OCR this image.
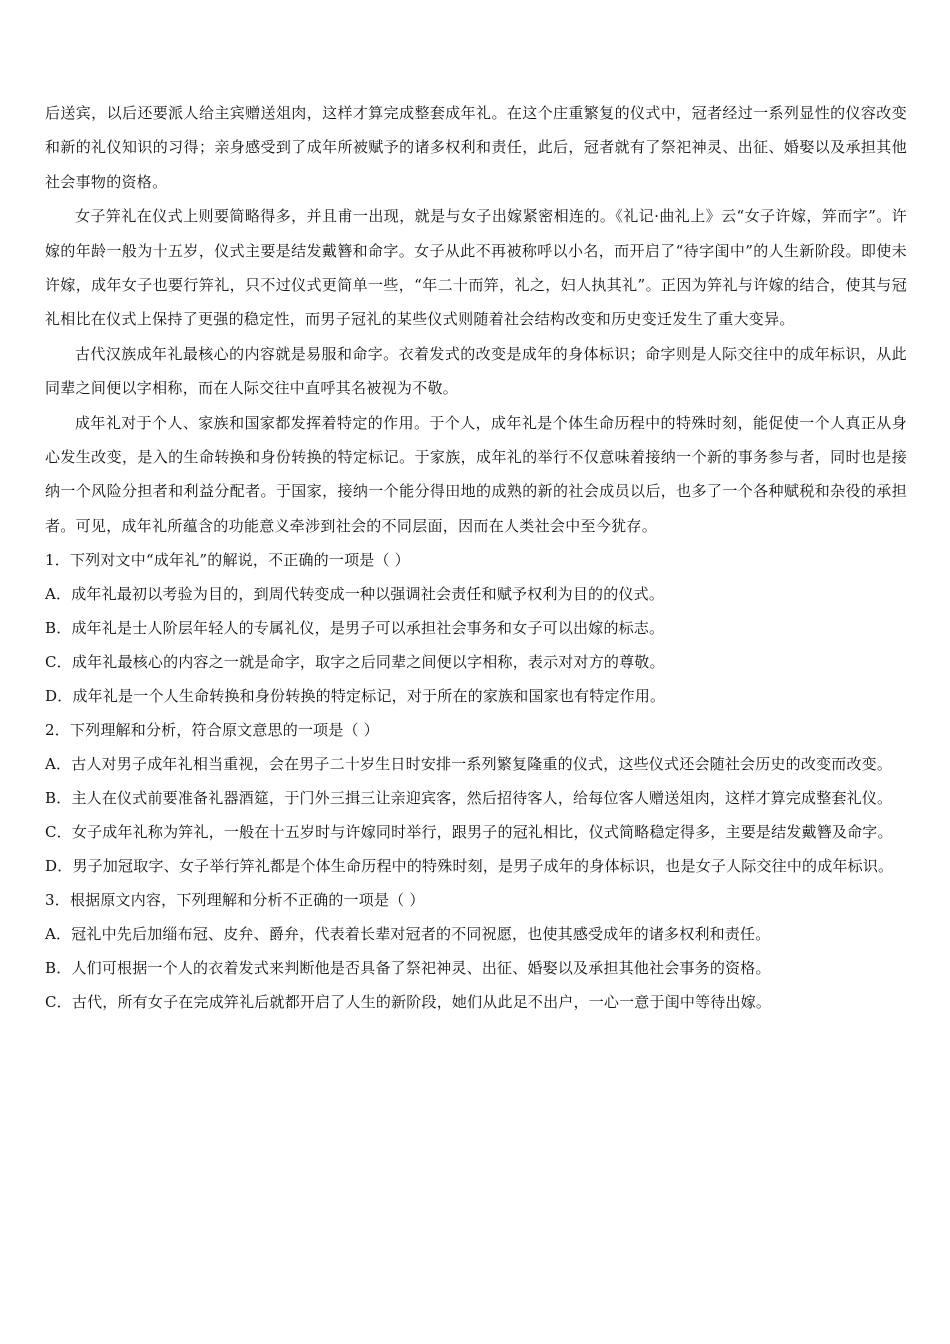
后送宾，以后还要派人给主宾赠送俎肉，这样才算完成整套成年礼。在这个庄重繁复的仪式中，冠者经过一系列显性的仪容改变和新的礼仪知识的习得；亲身感受到了成年所被赋予的诸多权利和责任，此后，冠者就有了祭祀神灵、出征、婚娶以及承担其他社会事物的资格。

女子笄礼在仪式上则要简略得多，并且甫一出现，就是与女子出嫁紧密相连的。《礼记·曲礼上》云“女子许嫁，笄而字”。许嫁的年龄一般为十五岁，仪式主要是结发戴簪和命字。女子从此不再被称呼以小名，而开启了“待字闺中”的人生新阶段。即使未许嫁，成年女子也要行笄礼，只不过仪式更简单一些，“年二十而笄，礼之，妇人执其礼”。正因为笄礼与许嫁的结合，使其与冠礼相比在仪式上保持了更强的稳定性，而男子冠礼的某些仪式则随着社会结构改变和历史变迁发生了重大变异。

古代汉族成年礼最核心的内容就是易服和命字。衣着发式的改变是成年的身体标识；命字则是人际交往中的成年标识，从此同辈之间便以字相称，而在人际交往中直呼其名被视为不敬。

成年礼对于个人、家族和国家都发挥着特定的作用。于个人，成年礼是个体生命历程中的特殊时刻，能促使一个人真正从身心发生改变，是入的生命转换和身份转换的特定标记。于家族，成年礼的举行不仅意味着接纳一个新的事务参与者，同时也是接纳一个风险分担者和利益分配者。于国家，接纳一个能分得田地的成熟的新的社会成员以后，也多了一个各种赋税和杂役的承担者。可见，成年礼所蕴含的功能意义牵涉到社会的不同层面，因而在人类社会中至今犹存。

1．下列对文中“成年礼”的解说，不正确的一项是（ ）

A．成年礼最初以考验为目的，到周代转变成一种以强调社会责任和赋予权利为目的的仪式。

B．成年礼是士人阶层年轻人的专属礼仪，是男子可以承担社会事务和女子可以出嫁的标志。

C．成年礼最核心的内容之一就是命字，取字之后同辈之间便以字相称，表示对对方的尊敬。

D．成年礼是一个人生命转换和身份转换的特定标记，对于所在的家族和国家也有特定作用。

2．下列理解和分析，符合原文意思的一项是（ ）

A．古人对男子成年礼相当重视，会在男子二十岁生日时安排一系列繁复隆重的仪式，这些仪式还会随社会历史的改变而改变。

B．主人在仪式前要准备礼器酒筵，于门外三揖三让亲迎宾客，然后招待客人，给每位客人赠送俎肉，这样才算完成整套礼仪。

C．女子成年礼称为笄礼，一般在十五岁时与许嫁同时举行，跟男子的冠礼相比，仪式简略稳定得多，主要是结发戴簪及命字。

D．男子加冠取字、女子举行笄礼都是个体生命历程中的特殊时刻，是男子成年的身体标识，也是女子人际交往中的成年标识。

3．根据原文内容，下列理解和分析不正确的一项是（ ）

A．冠礼中先后加缁布冠、皮弁、爵弁，代表着长辈对冠者的不同祝愿，也使其感受成年的诸多权利和责任。

B．人们可根据一个人的衣着发式来判断他是否具备了祭祀神灵、出征、婚娶以及承担其他社会事务的资格。

C．古代，所有女子在完成笄礼后就都开启了人生的新阶段，她们从此足不出户，一心一意于闺中等待出嫁。
